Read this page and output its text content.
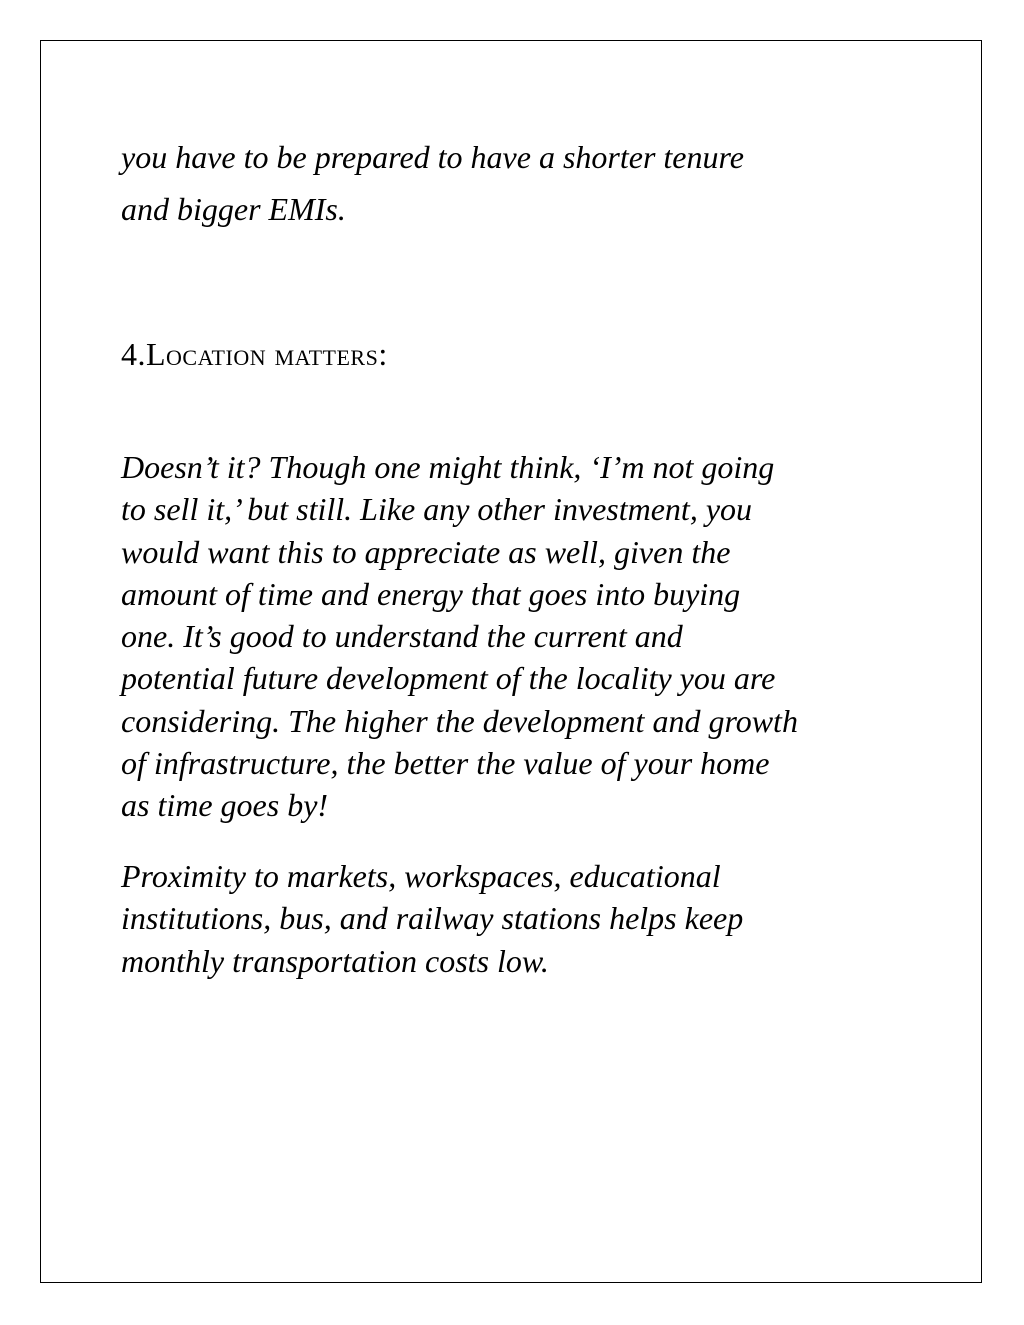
you have to be prepared to have a shorter tenure
and bigger EMIs.
4.Location matters:
Doesn’t it? Though one might think, ‘I’m not going
to sell it,’ but still. Like any other investment, you
would want this to appreciate as well, given the
amount of time and energy that goes into buying
one. It’s good to understand the current and
potential future development of the locality you are
considering. The higher the development and growth
of infrastructure, the better the value of your home
as time goes by!
Proximity to markets, workspaces, educational
institutions, bus, and railway stations helps keep
monthly transportation costs low.
